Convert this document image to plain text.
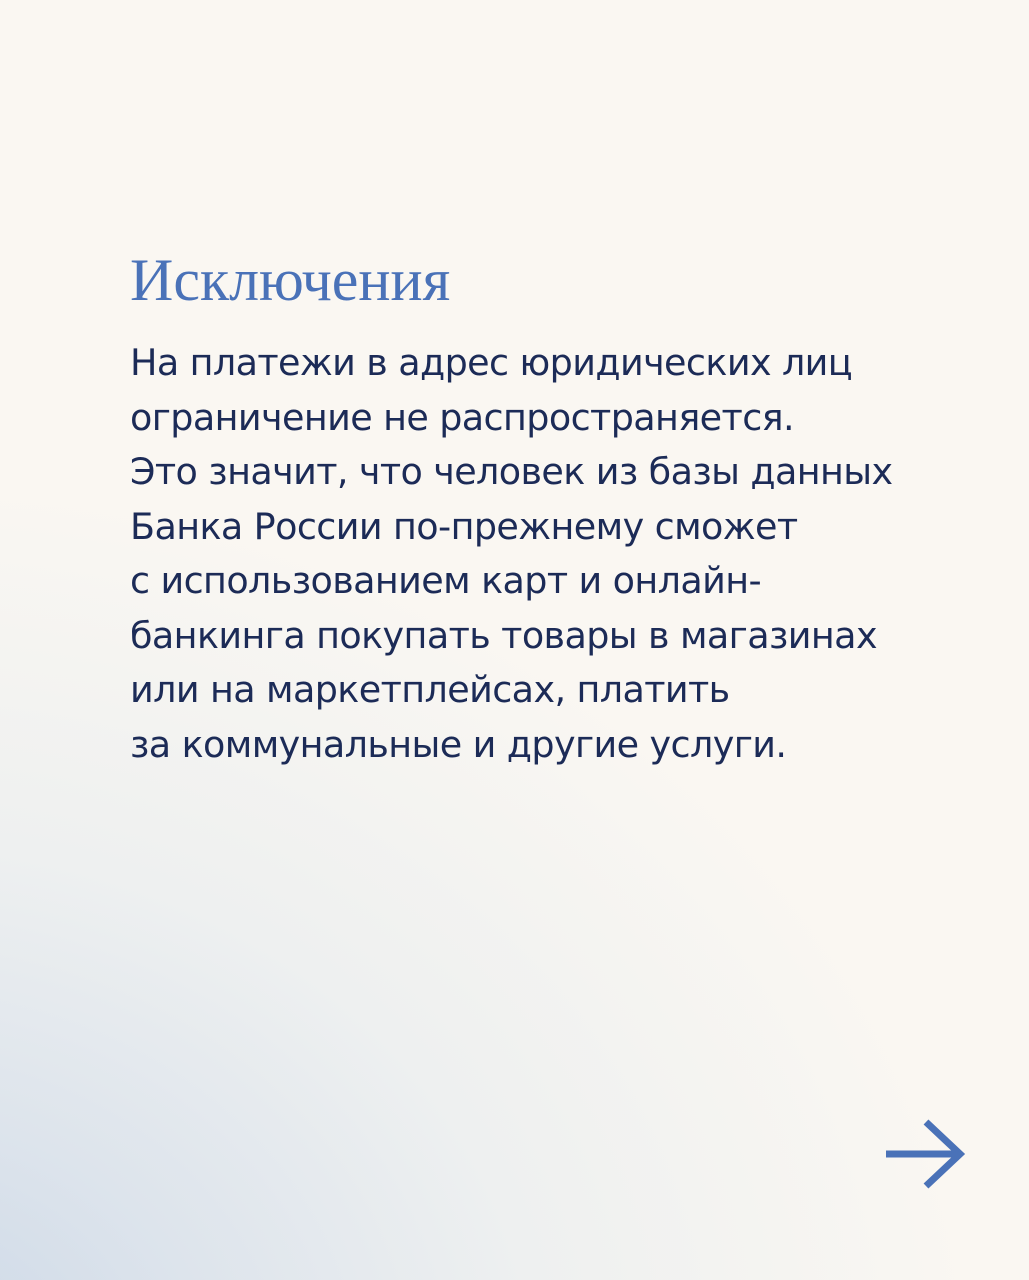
Исключения

На платежи в адрес юридических лиц
ограничение не распространяется.
Это значит, что человек из базы данных
Банка России по-прежнему сможет
с использованием карт и онлайн-
банкинга покупать товары в магазинах
или на маркетплейсах, платить
за коммунальные и другие услуги.
